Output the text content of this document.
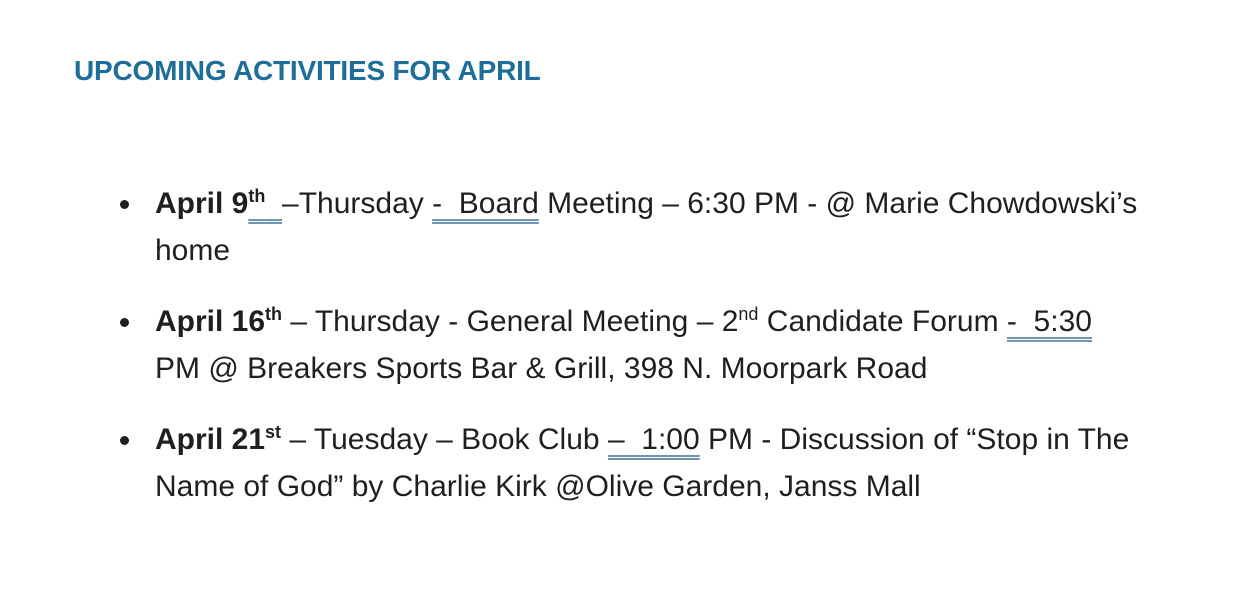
UPCOMING ACTIVITIES FOR APRIL
April 9th –Thursday -  Board Meeting – 6:30 PM - @ Marie Chowdowski’s
home
April 16th – Thursday - General Meeting – 2nd Candidate Forum -  5:30
PM @ Breakers Sports Bar & Grill, 398 N. Moorpark Road
April 21st – Tuesday – Book Club –  1:00 PM - Discussion of “Stop in The
Name of God” by Charlie Kirk @Olive Garden, Janss Mall
